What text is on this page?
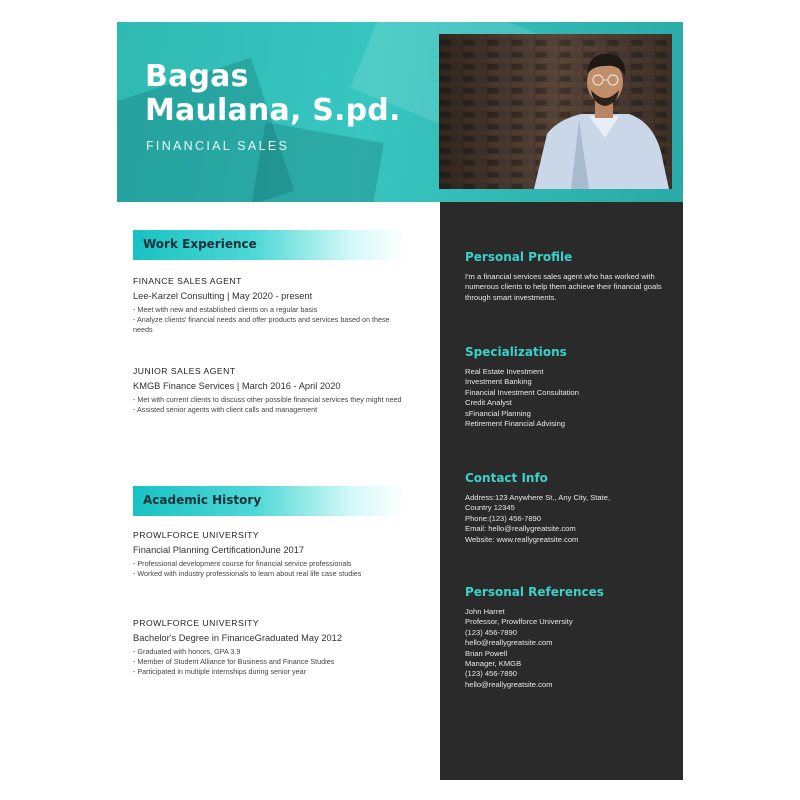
Bagas
Maulana, S.pd.
FINANCIAL SALES
Work Experience
FINANCE SALES AGENT
Lee-Karzel Consulting | May 2020 - present
- Meet with new and established clients on a regular basis
- Analyze clients' financial needs and offer products and services based on these needs
JUNIOR SALES AGENT
KMGB Finance Services | March 2016 - April 2020
- Met with current clients to discuss other possible financial services they might need
- Assisted senior agents with client calls and management
Academic History
PROWLFORCE UNIVERSITY
Financial Planning CertificationJune 2017
- Professional development course for financial service professionals
- Worked with industry professionals to learn about real life case studies
PROWLFORCE UNIVERSITY
Bachelor's Degree in FinanceGraduated May 2012
- Graduated with honors, GPA 3.9
- Member of Student Alliance for Business and Finance Studies
- Participated in multiple internships during senior year
Personal Profile
I'm a financial services sales agent who has worked with numerous clients to help them achieve their financial goals through smart investments.
Specializations
Real Estate Investment
Investment Banking
Financial Investment Consultation
Credit Analyst
sFinancial Planning
Retirement Financial Advising
Contact Info
Address:123 Anywhere St., Any City, State,
Country 12345
Phone:(123) 456-7890
Email: hello@reallygreatsite.com
Website: www.reallygreatsite.com
Personal References
John Harret
Professor, Prowlforce University
(123) 456-7890
hello@reallygreatsite.com
Brian Powell
Manager, KMGB
(123) 456-7890
hello@reallygreatsite.com
